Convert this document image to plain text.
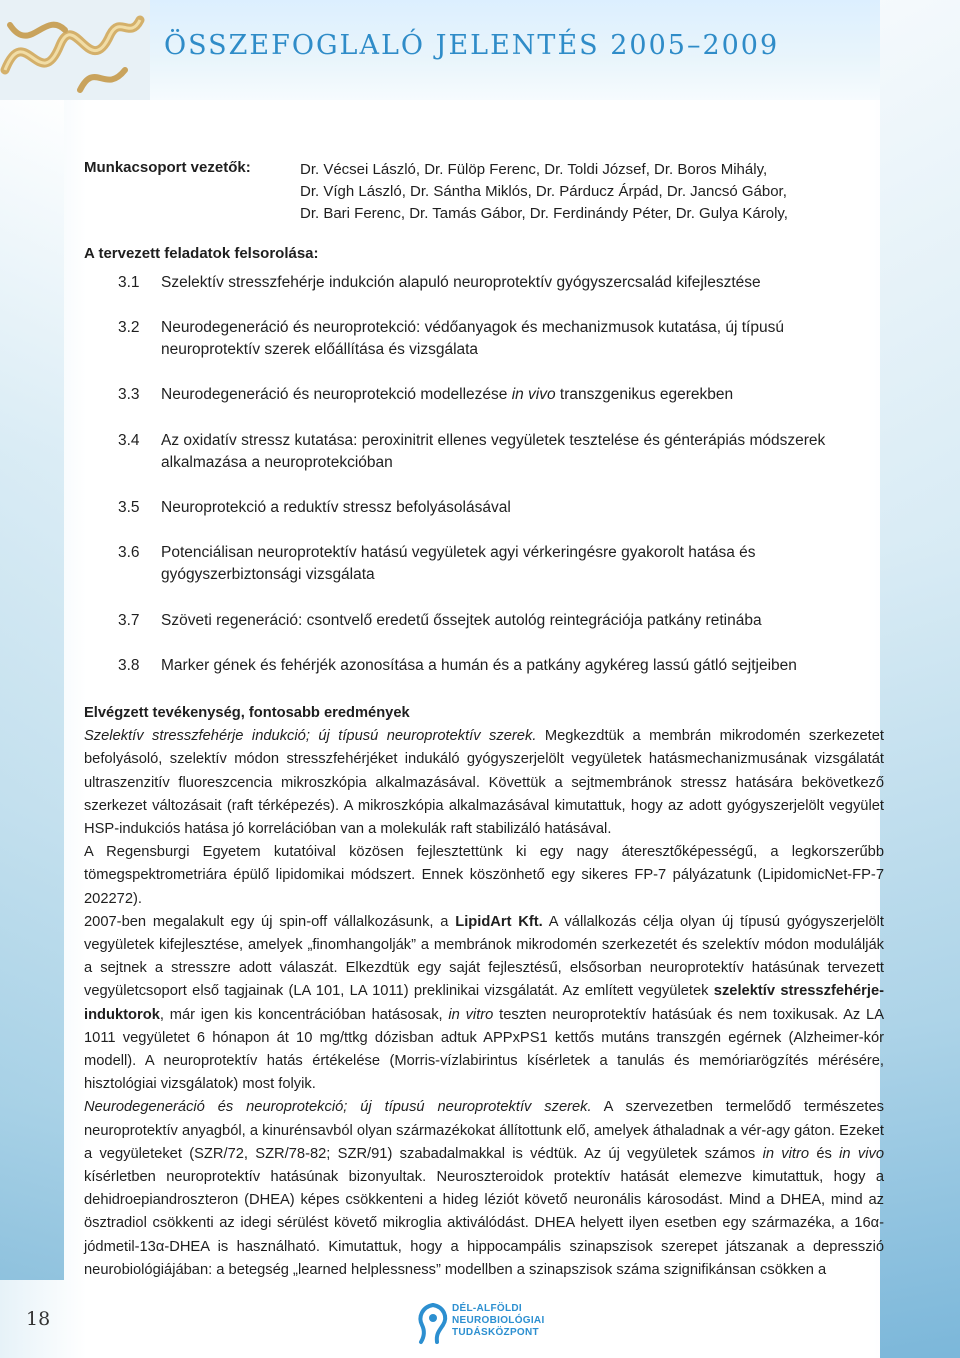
ÖSSZEFOGLALÓ JELENTÉS 2005–2009
Munkacsoport vezetők:	Dr. Vécsei László, Dr. Fülöp Ferenc, Dr. Toldi József, Dr. Boros Mihály,
Dr. Vígh László, Dr. Sántha Miklós, Dr. Párducz Árpád, Dr. Jancsó Gábor,
Dr. Bari Ferenc, Dr. Tamás Gábor, Dr. Ferdinándy Péter, Dr. Gulya Károly,
A tervezett feladatok felsorolása:
3.1 Szelektív stresszfehérje indukción alapuló neuroprotektív gyógyszercsalád kifejlesztése
3.2 Neurodegeneráció és neuroprotekció: védőanyagok és mechanizmusok kutatása, új típusú neuroprotektív szerek előállítása és vizsgálata
3.3 Neurodegeneráció és neuroprotekció modellezése in vivo transzgenikus egerekben
3.4 Az oxidatív stressz kutatása: peroxinitrit ellenes vegyületek tesztelése és génterápiás módszerek alkalmazása a neuroprotekcióban
3.5 Neuroprotekció a reduktív stressz befolyásolásával
3.6 Potenciálisan neuroprotektív hatású vegyületek agyi vérkeringésre gyakorolt hatása és gyógyszerbiztonsági vizsgálata
3.7 Szöveti regeneráció: csontvelő eredetű őssejtek autológ reintegrációja patkány retinába
3.8 Marker gének és fehérjék azonosítása a humán és a patkány agykéreg lassú gátló sejtjeiben

Elvégzett tevékenység, fontosabb eredmények

Szelektív stresszfehérje indukció; új típusú neuroprotektív szerek. Megkezdtük a membrán mikrodomén szerkezetet befolyásoló, szelektív módon stresszfehérjéket indukáló gyógyszerjelölt vegyületek hatásmechanizmusának vizsgálatát ultraszenzitív fluoreszcencia mikroszkópia alkalmazásával. Követtük a sejtmembránok stressz hatására bekövetkező szerkezet változásait (raft térképezés). A mikroszkópia alkalmazásával kimutattuk, hogy az adott gyógyszerjelölt vegyület HSP-indukciós hatása jó korrelációban van a molekulák raft stabilizáló hatásával.

A Regensburgi Egyetem kutatóival közösen fejlesztettünk ki egy nagy áteresztőképességű, a legkorszerűbb tömegspektrometriára épülő lipidomikai módszert. Ennek köszönhető egy sikeres FP-7 pályázatunk (LipidomicNet-FP-7 202272).

2007-ben megalakult egy új spin-off vállalkozásunk, a LipidArt Kft. A vállalkozás célja olyan új típusú gyógyszerjelölt vegyületek kifejlesztése, amelyek „finomhangolják” a membránok mikrodomén szerkezetét és szelektív módon modulálják a sejtnek a stresszre adott válaszát. Elkezdtük egy saját fejlesztésű, elsősorban neuroprotektív hatásúnak tervezett vegyületcsoport első tagjainak (LA 101, LA 1011) preklinikai vizsgálatát. Az említett vegyületek szelektív stresszfehérje-induktorok, már igen kis koncentrációban hatásosak, in vitro teszten neuroprotektív hatásúak és nem toxikusak. Az LA 1011 vegyületet 6 hónapon át 10 mg/ttkg dózisban adtuk APPxPS1 kettős mutáns transzgén egérnek (Alzheimer-kór modell). A neuroprotektív hatás értékelése (Morris-vízlabirintus kísérletek a tanulás és memóriarögzítés mérésére, hisztológiai vizsgálatok) most folyik.

Neurodegeneráció és neuroprotekció; új típusú neuroprotektív szerek. A szervezetben termelődő természetes neuroprotektív anyagból, a kinurénsavból olyan származékokat állítottunk elő, amelyek áthaladnak a vér-agy gáton. Ezeket a vegyületeket (SZR/72, SZR/78-82; SZR/91) szabadalmakkal is védtük. Az új vegyületek számos in vitro és in vivo kísérletben neuroprotektív hatásúnak bizonyultak. Neuroszteroidok protektív hatását elemezve kimutattuk, hogy a dehidroepiandroszteron (DHEA) képes csökkenteni a hideg léziót követő neuronális károsodást. Mind a DHEA, mind az ösztradiol csökkenti az idegi sérülést követő mikroglia aktiválódást. DHEA helyett ilyen esetben egy származéka, a 16α-jódmetil-13α-DHEA is használható. Kimutattuk, hogy a hippocampális szinapszisok szerepet játszanak a depresszió neurobiológiájában: a betegség „learned helplessness” modellben a szinapszisok száma szignifikánsan csökken a

18	DÉL-ALFÖLDI
NEUROBIOLÓGIAI
TUDÁSKÖZPONT
